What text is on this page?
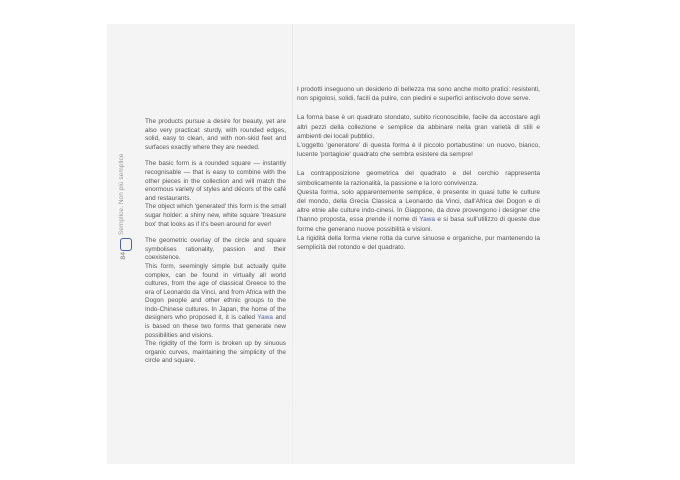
Semplice. Non più semplice
84

The products pursue a desire for beauty, yet are also very practical: sturdy, with rounded edges, solid, easy to clean, and with non-skid feet and surfaces exactly where they are needed.

The basic form is a rounded square — instantly recognisable — that is easy to combine with the other pieces in the collection and will match the enormous variety of styles and décors of the café and restaurants.

The object which 'generated' this form is the small sugar holder: a shiny new, white square 'treasure box' that looks as if it's been around for ever!

The geometric overlay of the circle and square symbolises rationality, passion and their coexistence.

This form, seemingly simple but actually quite complex, can be found in virtually all world cultures, from the age of classical Greece to the era of Leonardo da Vinci, and from Africa with the Dogon people and other ethnic groups to the Indo-Chinese cultures. In Japan, the home of the designers who proposed it, it is called Yawa and is based on these two forms that generate new possibilities and visions.

The rigidity of the form is broken up by sinuous organic curves, maintaining the simplicity of the circle and square.

I prodotti inseguono un desiderio di bellezza ma sono anche molto pratici: resistenti, non spigolosi, solidi, facili da pulire, con piedini e superfici antiscivolo dove serve.

La forma base è un quadrato stondato, subito riconoscibile, facile da accostare agli altri pezzi della collezione e semplice da abbinare nella gran varietà di stili e ambienti dei locali pubblici.

L'oggetto 'generatore' di questa forma è il piccolo portabustine: un nuovo, bianco, lucente 'portagioie' quadrato che sembra esistere da sempre!

La contrapposizione geometrica del quadrato e del cerchio rappresenta simbolicamente la razionalità, la passione e la loro convivenza.

Questa forma, solo apparentemente semplice, è presente in quasi tutte le culture del mondo, della Grecia Classica a Leonardo da Vinci, dall'Africa dei Dogon e di altre etnie alle culture indo-cinesi. In Giappone, da dove provengono i designer che l'hanno proposta, essa prende il nome di Yawa e si basa sull'utilizzo di queste due forme che generano nuove possibilità e visioni.

La rigidità della forma viene rotta da curve sinuose e organiche, pur mantenendo la semplicità del rotondo e del quadrato.
